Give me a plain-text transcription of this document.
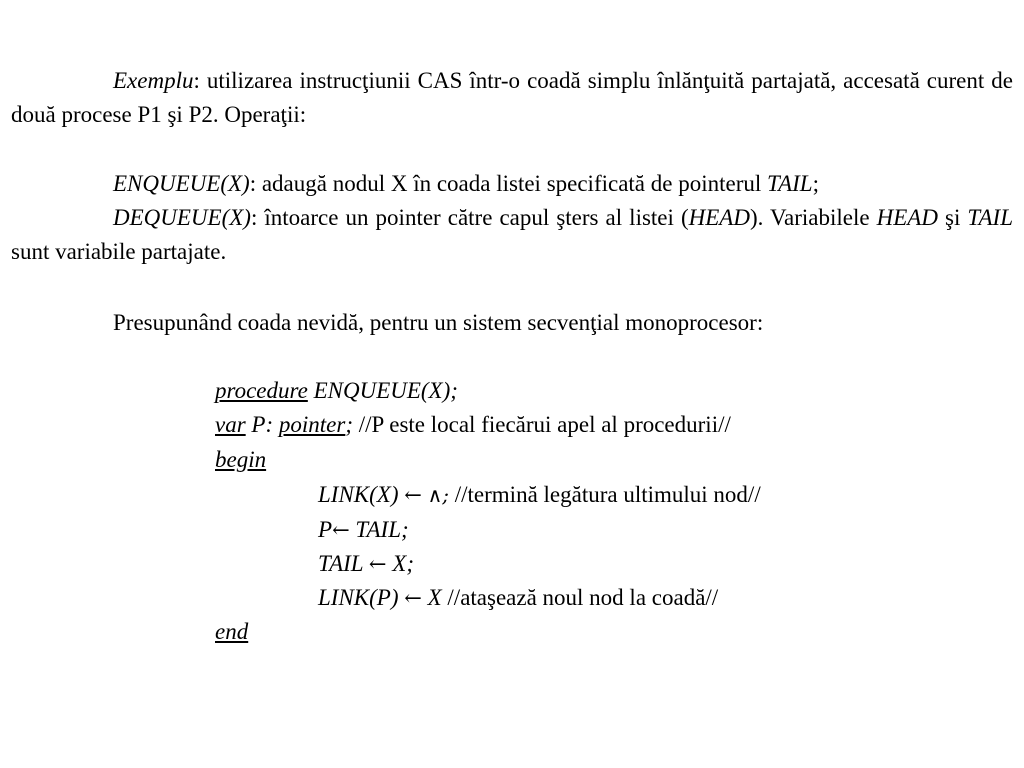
Exemplu: utilizarea instrucţiunii CAS într-o coadă simplu înlănţuită partajată, accesată curent de două procese P1 şi P2. Operaţii:
ENQUEUE(X): adaugă nodul X în coada listei specificată de pointerul TAIL;
DEQUEUE(X): întoarce un pointer către capul şters al listei (HEAD). Variabilele HEAD şi TAIL sunt variabile partajate.
Presupunând coada nevidă, pentru un sistem secvenţial monoprocesor:
procedure ENQUEUE(X);
var P: pointer; //P este local fiecărui apel al procedurii//
begin
LINK(X) ← ∧; //termină legătura ultimului nod//
P← TAIL;
TAIL ← X;
LINK(P) ← X //ataşează noul nod la coadă//
end
